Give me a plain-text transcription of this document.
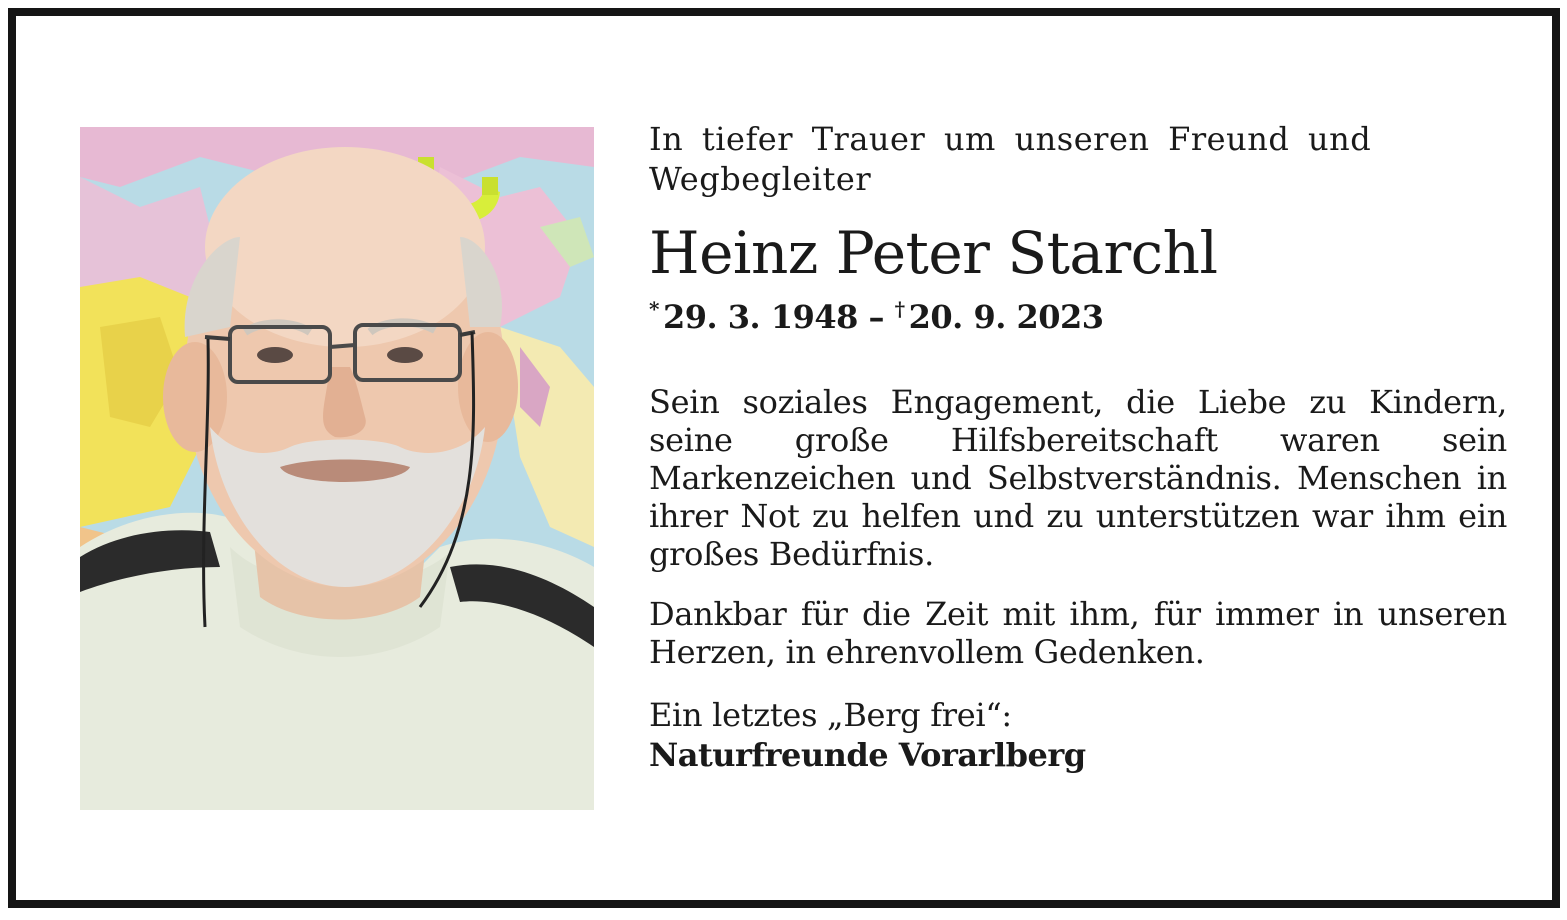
In tiefer Trauer um unseren Freund und Wegbegleiter

Heinz Peter Starchl

* 29. 3. 1948 – † 20. 9. 2023

Sein soziales Engagement, die Liebe zu Kindern, seine große Hilfsbereitschaft waren sein Markenzeichen und Selbstverständnis. Menschen in ihrer Not zu helfen und zu unterstützen war ihm ein großes Bedürfnis.

Dankbar für die Zeit mit ihm, für immer in unseren Herzen, in ehrenvollem Gedenken.

Ein letztes „Berg frei“:

Naturfreunde Vorarlberg
